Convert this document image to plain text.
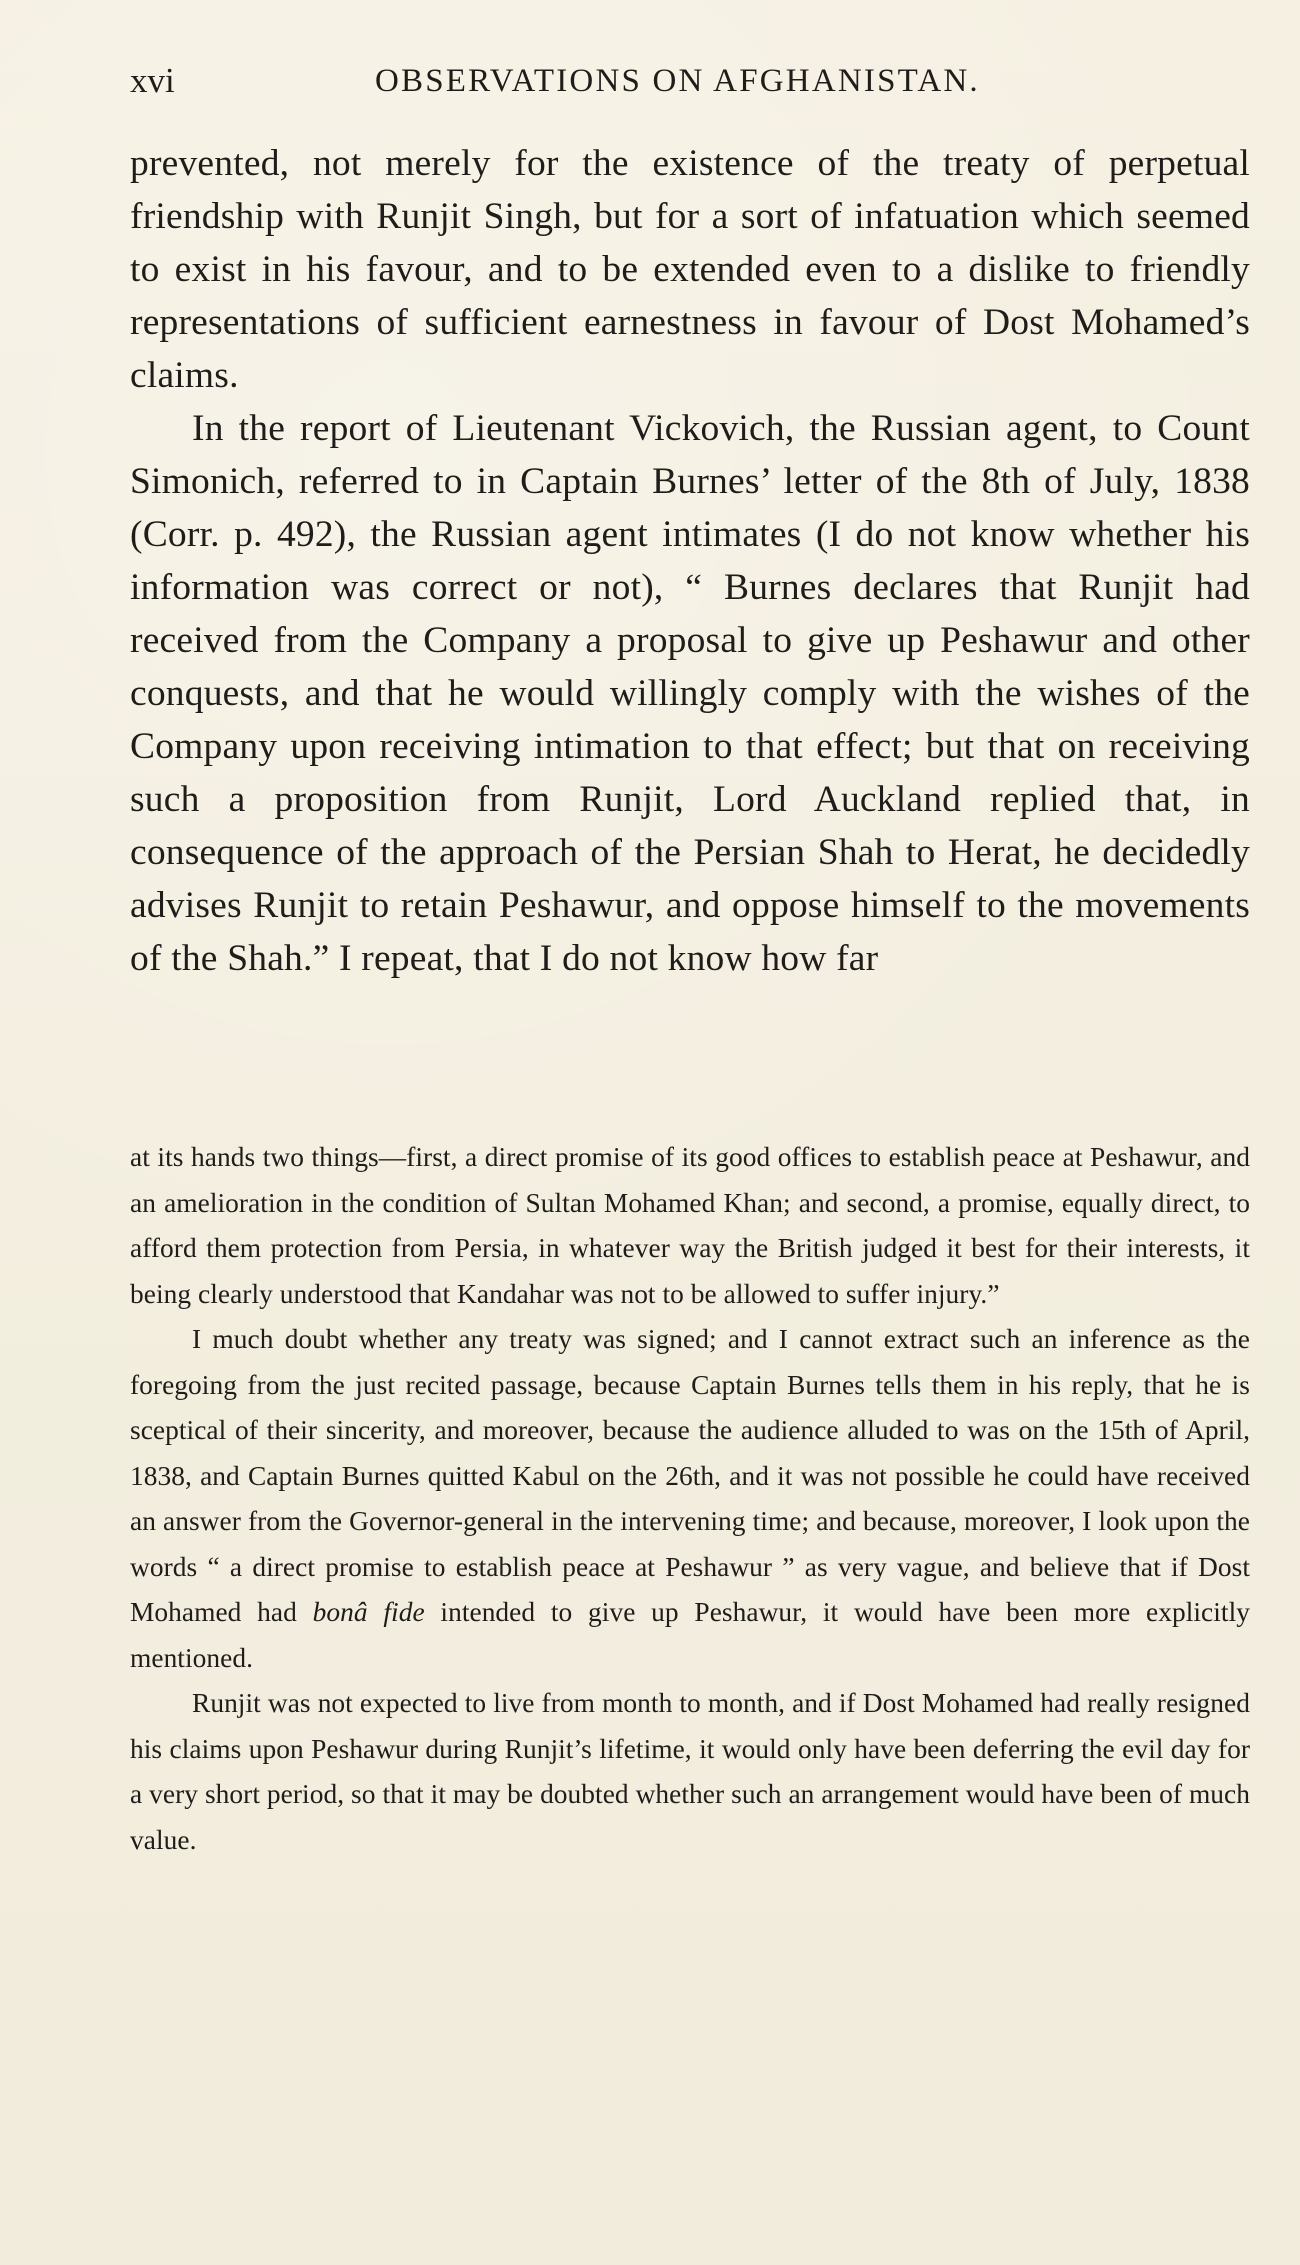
xvi	OBSERVATIONS ON AFGHANISTAN.

prevented, not merely for the existence of the treaty of perpetual friendship with Runjit Singh, but for a sort of infatuation which seemed to exist in his favour, and to be extended even to a dislike to friendly representations of sufficient earnestness in favour of Dost Mohamed’s claims.

In the report of Lieutenant Vickovich, the Russian agent, to Count Simonich, referred to in Captain Burnes’ letter of the 8th of July, 1838 (Corr. p. 492), the Russian agent intimates (I do not know whether his information was correct or not), “ Burnes declares that Runjit had received from the Company a proposal to give up Peshawur and other conquests, and that he would willingly comply with the wishes of the Company upon receiving intimation to that effect; but that on receiving such a proposition from Runjit, Lord Auckland replied that, in consequence of the approach of the Persian Shah to Herat, he decidedly advises Runjit to retain Peshawur, and oppose himself to the movements of the Shah.” I repeat, that I do not know how far

at its hands two things—first, a direct promise of its good offices to establish peace at Peshawur, and an amelioration in the condition of Sultan Mohamed Khan; and second, a promise, equally direct, to afford them protection from Persia, in whatever way the British judged it best for their interests, it being clearly understood that Kandahar was not to be allowed to suffer injury.”

I much doubt whether any treaty was signed; and I cannot extract such an inference as the foregoing from the just recited passage, because Captain Burnes tells them in his reply, that he is sceptical of their sincerity, and moreover, because the audience alluded to was on the 15th of April, 1838, and Captain Burnes quitted Kabul on the 26th, and it was not possible he could have received an answer from the Governor-general in the intervening time; and because, moreover, I look upon the words “ a direct promise to establish peace at Peshawur ” as very vague, and believe that if Dost Mohamed had bonâ fide intended to give up Peshawur, it would have been more explicitly mentioned.

Runjit was not expected to live from month to month, and if Dost Mohamed had really resigned his claims upon Peshawur during Runjit’s lifetime, it would only have been deferring the evil day for a very short period, so that it may be doubted whether such an arrangement would have been of much value.
